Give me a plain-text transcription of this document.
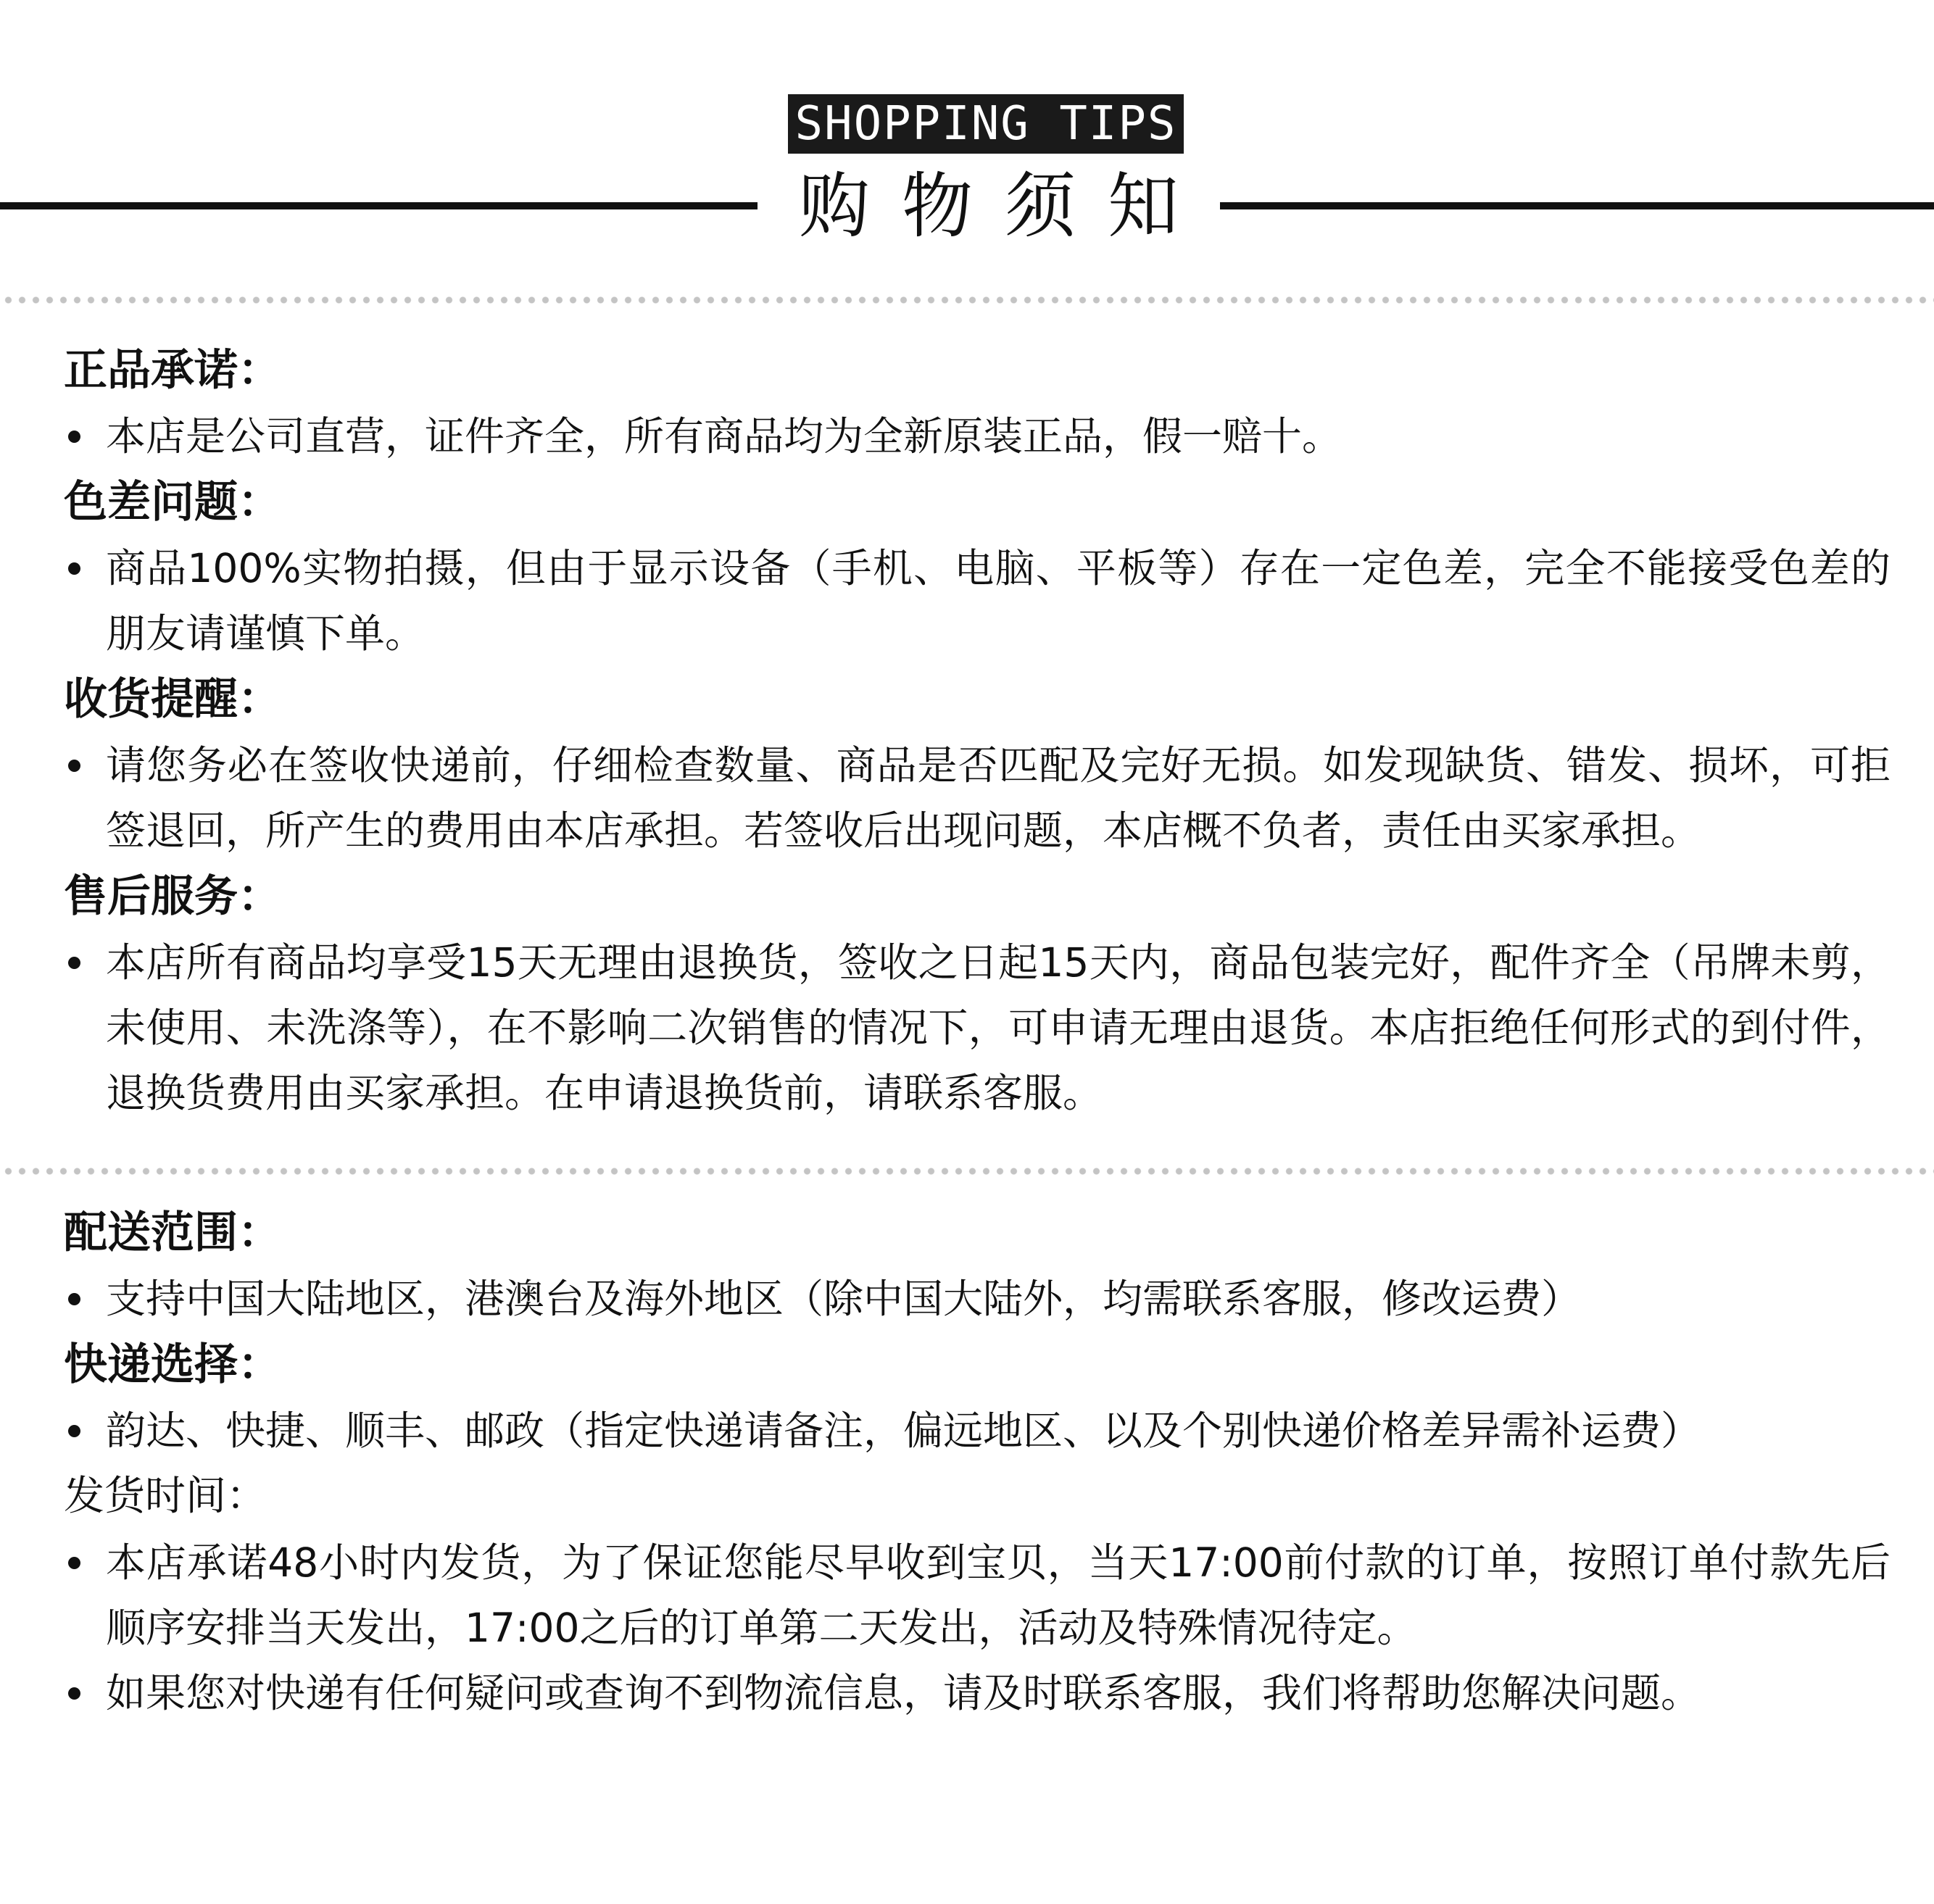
SHOPPING TIPS
购物须知
正品承诺：
本店是公司直营，证件齐全，所有商品均为全新原装正品，假一赔十。
色差问题：
商品100%实物拍摄，但由于显示设备（手机、电脑、平板等）存在一定色差，完全不能接受色差的朋友请谨慎下单。
收货提醒：
请您务必在签收快递前，仔细检查数量、商品是否匹配及完好无损。如发现缺货、错发、损坏，可拒签退回，所产生的费用由本店承担。若签收后出现问题，本店概不负者，责任由买家承担。
售后服务：
本店所有商品均享受15天无理由退换货，签收之日起15天内，商品包装完好，配件齐全（吊牌未剪，未使用、未洗涤等），在不影响二次销售的情况下，可申请无理由退货。本店拒绝任何形式的到付件，退换货费用由买家承担。在申请退换货前，请联系客服。
配送范围：
支持中国大陆地区，港澳台及海外地区（除中国大陆外，均需联系客服，修改运费）
快递选择：
韵达、快捷、顺丰、邮政（指定快递请备注，偏远地区、以及个别快递价格差异需补运费）
发货时间：
本店承诺48小时内发货，为了保证您能尽早收到宝贝，当天17:00前付款的订单，按照订单付款先后顺序安排当天发出，17:00之后的订单第二天发出，活动及特殊情况待定。
如果您对快递有任何疑问或查询不到物流信息，请及时联系客服，我们将帮助您解决问题。
